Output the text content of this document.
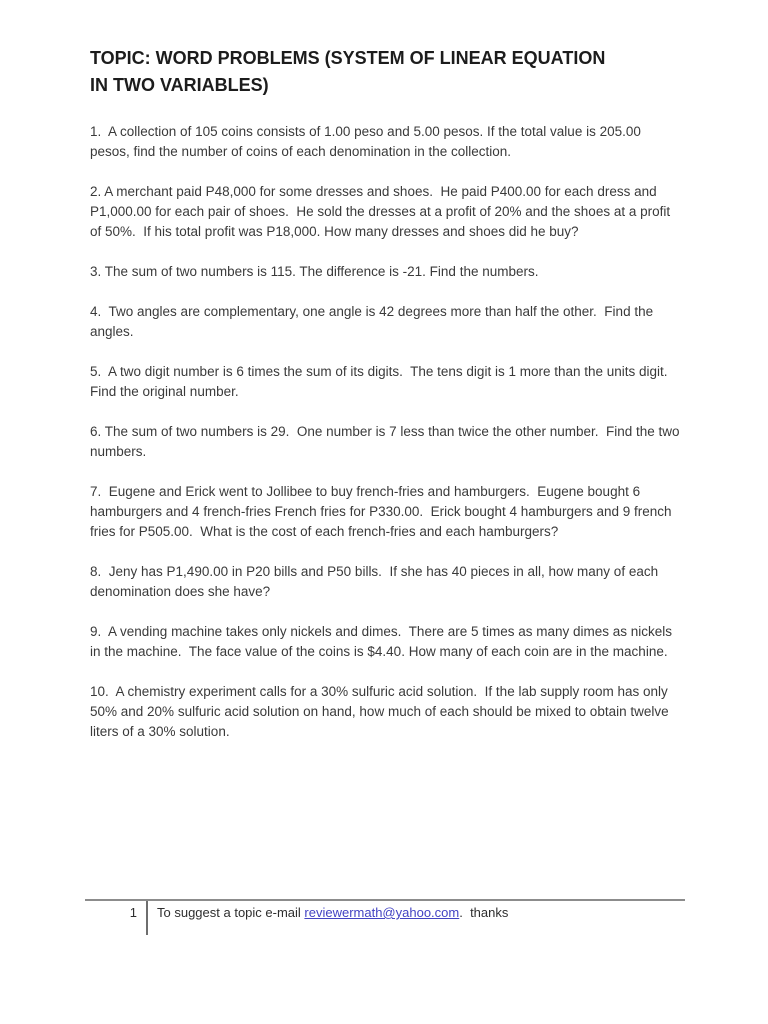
TOPIC: WORD PROBLEMS (SYSTEM OF LINEAR EQUATION
IN TWO VARIABLES)

1.  A collection of 105 coins consists of 1.00 peso and 5.00 pesos. If the total value is 205.00 pesos, find the number of coins of each denomination in the collection.

2. A merchant paid P48,000 for some dresses and shoes.  He paid P400.00 for each dress and P1,000.00 for each pair of shoes.  He sold the dresses at a profit of 20% and the shoes at a profit of 50%.  If his total profit was P18,000. How many dresses and shoes did he buy?

3. The sum of two numbers is 115. The difference is -21. Find the numbers.

4.  Two angles are complementary, one angle is 42 degrees more than half the other.  Find the angles.

5.  A two digit number is 6 times the sum of its digits.  The tens digit is 1 more than the units digit.  Find the original number.

6. The sum of two numbers is 29.  One number is 7 less than twice the other number.  Find the two numbers.

7.  Eugene and Erick went to Jollibee to buy french-fries and hamburgers.  Eugene bought 6 hamburgers and 4 french-fries French fries for P330.00.  Erick bought 4 hamburgers and 9 french fries for P505.00.  What is the cost of each french-fries and each hamburgers?

8.  Jeny has P1,490.00 in P20 bills and P50 bills.  If she has 40 pieces in all, how many of each denomination does she have?

9.  A vending machine takes only nickels and dimes.  There are 5 times as many dimes as nickels in the machine.  The face value of the coins is $4.40. How many of each coin are in the machine.

10.  A chemistry experiment calls for a 30% sulfuric acid solution.  If the lab supply room has only 50% and 20% sulfuric acid solution on hand, how much of each should be mixed to obtain twelve liters of a 30% solution.

1	To suggest a topic e-mail reviewermath@yahoo.com.  thanks
